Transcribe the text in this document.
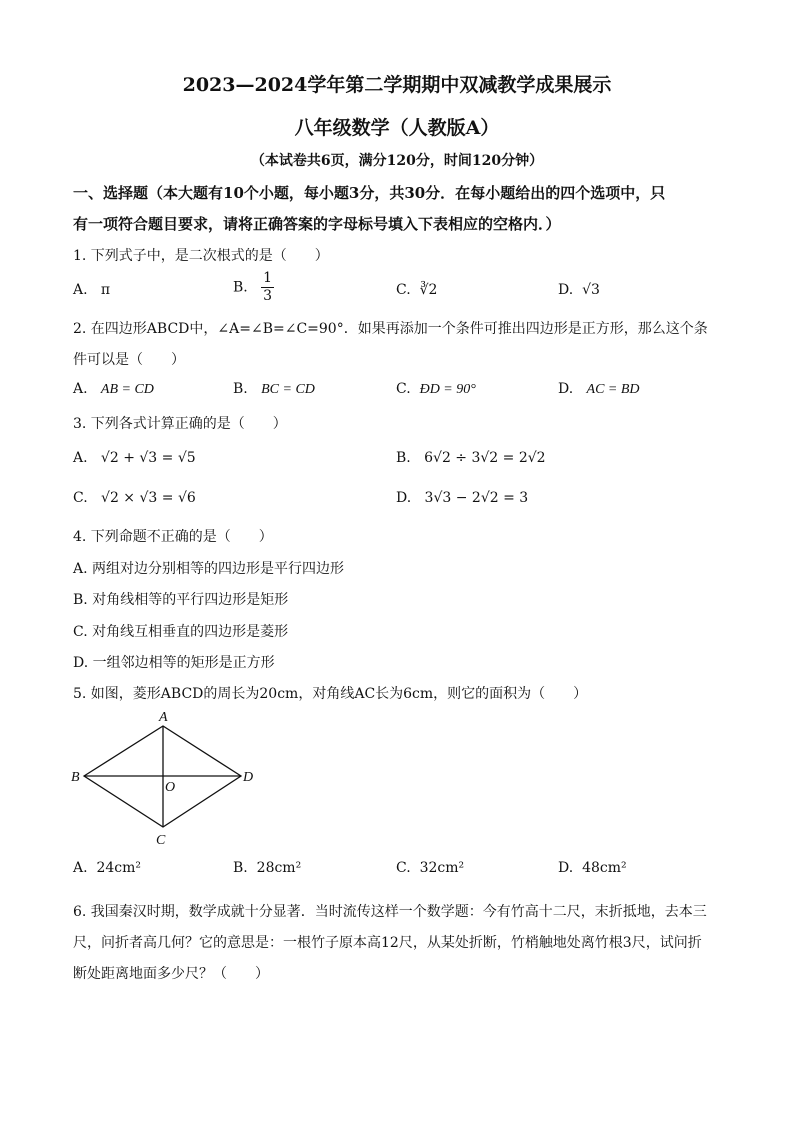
2023—2024学年第二学期期中双减教学成果展示
八年级数学（人教版A）
（本试卷共6页，满分120分，时间120分钟）
一、选择题（本大题有10个小题，每小题3分，共30分．在每小题给出的四个选项中，只
有一项符合题目要求，请将正确答案的字母标号填入下表相应的空格内．）
1. 下列式子中，是二次根式的是（　　）
A. π	B. $\frac{1}{3}$	C. ∛2	D. √3
2. 在四边形ABCD中，∠A=∠B=∠C=90°．如果再添加一个条件可推出四边形是正方形，那么这个条
件可以是（　　）
A. AB = CD	B. BC = CD	C. ÐD = 90°	D. AC = BD
3. 下列各式计算正确的是（　　）
A. √2 + √3 = √5	B. 6√2 ÷ 3√2 = 2√2
C. √2 × √3 = √6	D. 3√3 − 2√2 = 3
4. 下列命题不正确的是（　　）
A. 两组对边分别相等的四边形是平行四边形
B. 对角线相等的平行四边形是矩形
C. 对角线互相垂直的四边形是菱形
D. 一组邻边相等的矩形是正方形
5. 如图，菱形ABCD的周长为20cm，对角线AC长为6cm，则它的面积为（　　）
A
B	D
C
O
A. 24cm²	B. 28cm²	C. 32cm²	D. 48cm²
6. 我国秦汉时期，数学成就十分显著．当时流传这样一个数学题：今有竹高十二尺，末折抵地，去本三
尺，问折者高几何？它的意思是：一根竹子原本高12尺，从某处折断，竹梢触地处离竹根3尺，试问折
断处距离地面多少尺？（　　）
